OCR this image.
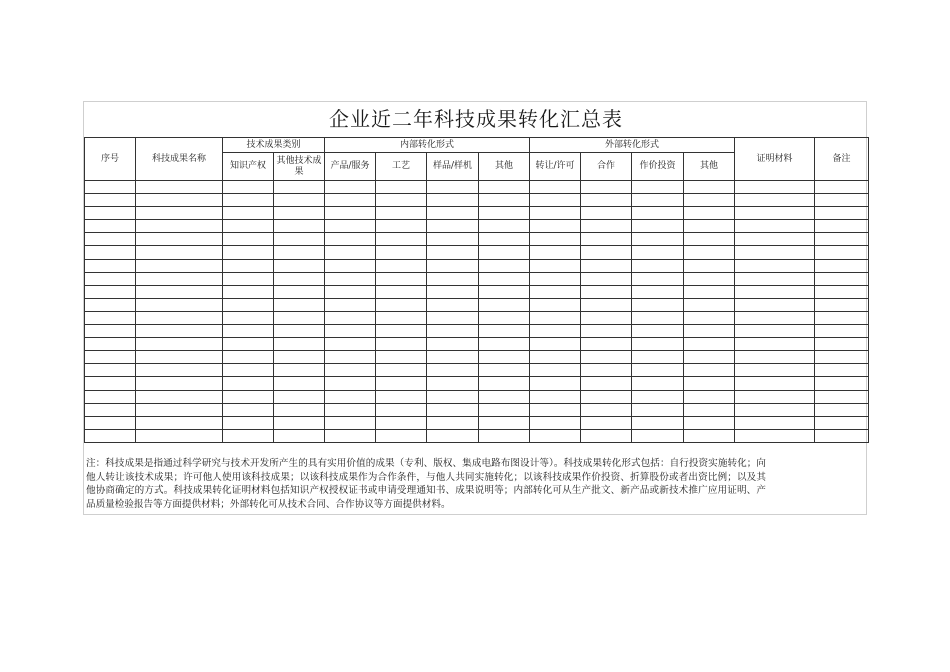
企业近二年科技成果转化汇总表
序号	科技成果名称	技术成果类别		内部转化形式				外部转化形式				证明材料	备注
		知识产权	其他技术成果	产品/服务	工艺	样品/样机	其他	转让/许可	合作	作价投资	其他		

注：科技成果是指通过科学研究与技术开发所产生的具有实用价值的成果（专利、版权、集成电路布图设计等）。科技成果转化形式包括：自行投资实施转化；向他人转让该技术成果；许可他人使用该科技成果；以该科技成果作为合作条件，与他人共同实施转化；以该科技成果作价投资、折算股份或者出资比例；以及其他协商确定的方式。科技成果转化证明材料包括知识产权授权证书或申请受理通知书、成果说明等；内部转化可从生产批文、新产品或新技术推广应用证明、产品质量检验报告等方面提供材料；外部转化可从技术合同、合作协议等方面提供材料。
